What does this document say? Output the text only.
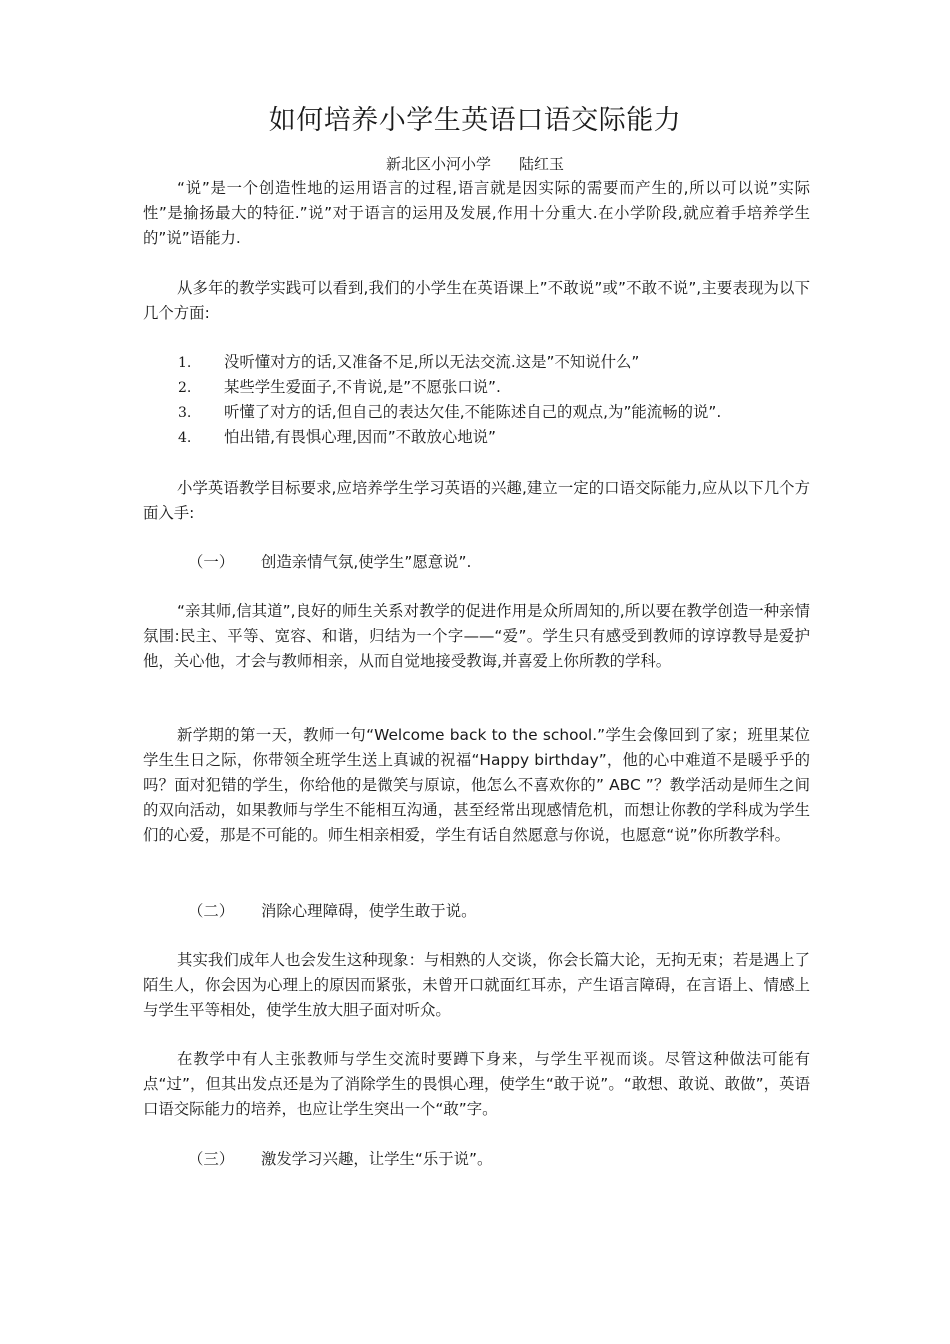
如何培养小学生英语口语交际能力
新北区小河小学 陆红玉
“说”是一个创造性地的运用语言的过程,语言就是因实际的需要而产生的,所以可以说”实际性”是揄扬最大的特征.”说”对于语言的运用及发展,作用十分重大.在小学阶段,就应着手培养学生的”说”语能力.
从多年的教学实践可以看到,我们的小学生在英语课上”不敢说”或”不敢不说”,主要表现为以下几个方面:
1. 没听懂对方的话,又准备不足,所以无法交流.这是”不知说什么”
2. 某些学生爱面子,不肯说,是”不愿张口说”.
3. 听懂了对方的话,但自己的表达欠佳,不能陈述自己的观点,为”能流畅的说”.
4. 怕出错,有畏惧心理,因而”不敢放心地说”
小学英语教学目标要求,应培养学生学习英语的兴趣,建立一定的口语交际能力,应从以下几个方面入手:
（一） 创造亲情气氛,使学生”愿意说”.
“亲其师,信其道”,良好的师生关系对教学的促进作用是众所周知的,所以要在教学创造一种亲情氛围:民主、平等、宽容、和谐，归结为一个字——“爱”。学生只有感受到教师的谆谆教导是爱护他，关心他，才会与教师相亲，从而自觉地接受教诲,并喜爱上你所教的学科。
新学期的第一天，教师一句“Welcome back to the school.”学生会像回到了家；班里某位学生生日之际，你带领全班学生送上真诚的祝福“Happy birthday”，他的心中难道不是暖乎乎的吗？面对犯错的学生，你给他的是微笑与原谅，他怎么不喜欢你的” ABC ”？教学活动是师生之间的双向活动，如果教师与学生不能相互沟通，甚至经常出现感情危机，而想让你教的学科成为学生们的心爱，那是不可能的。师生相亲相爱，学生有话自然愿意与你说，也愿意“说”你所教学科。
（二） 消除心理障碍，使学生敢于说。
其实我们成年人也会发生这种现象：与相熟的人交谈，你会长篇大论，无拘无束；若是遇上了陌生人，你会因为心理上的原因而紧张，未曾开口就面红耳赤，产生语言障碍，在言语上、情感上与学生平等相处，使学生放大胆子面对听众。
在教学中有人主张教师与学生交流时要蹲下身来，与学生平视而谈。尽管这种做法可能有点“过”，但其出发点还是为了消除学生的畏惧心理，使学生“敢于说”。“敢想、敢说、敢做”，英语口语交际能力的培养，也应让学生突出一个“敢”字。
（三） 激发学习兴趣，让学生“乐于说”。
